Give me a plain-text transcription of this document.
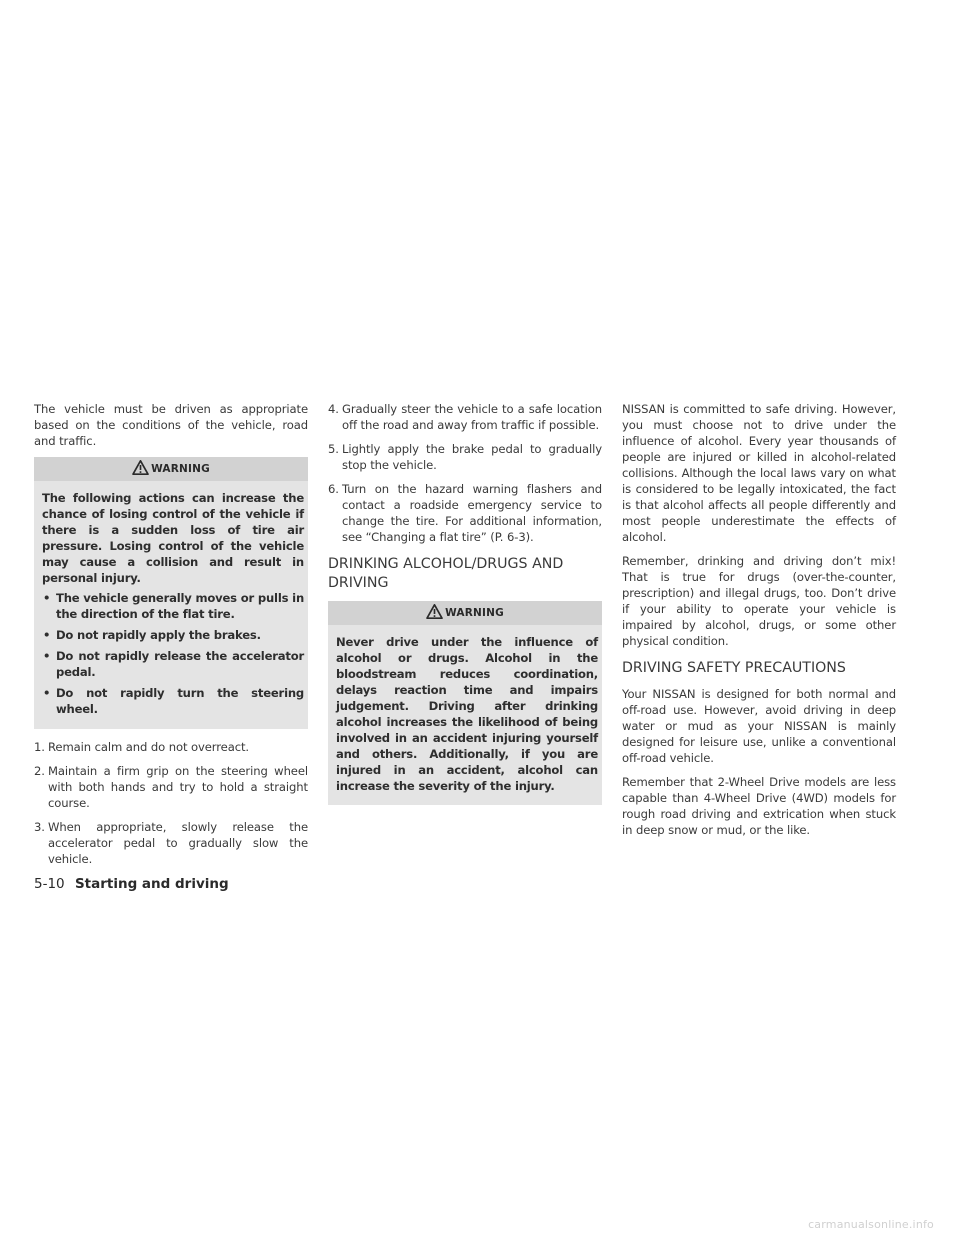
The vehicle must be driven as appropriate based on the conditions of the vehicle, road and traffic.

WARNING

The following actions can increase the chance of losing control of the vehicle if there is a sudden loss of tire air pressure. Losing control of the vehicle may cause a collision and result in personal injury.

• The vehicle generally moves or pulls in the direction of the flat tire.
• Do not rapidly apply the brakes.
• Do not rapidly release the accelerator pedal.
• Do not rapidly turn the steering wheel.
1. Remain calm and do not overreact.
2. Maintain a firm grip on the steering wheel with both hands and try to hold a straight course.
3. When appropriate, slowly release the accelerator pedal to gradually slow the vehicle.
4. Gradually steer the vehicle to a safe location off the road and away from traffic if possible.
5. Lightly apply the brake pedal to gradually stop the vehicle.
6. Turn on the hazard warning flashers and contact a roadside emergency service to change the tire. For additional information, see “Changing a flat tire” (P. 6-3).
DRINKING ALCOHOL/DRUGS AND DRIVING
WARNING

Never drive under the influence of alcohol or drugs. Alcohol in the bloodstream reduces coordination, delays reaction time and impairs judgement. Driving after drinking alcohol increases the likelihood of being involved in an accident injuring yourself and others. Additionally, if you are injured in an accident, alcohol can increase the severity of the injury.

NISSAN is committed to safe driving. However, you must choose not to drive under the influence of alcohol. Every year thousands of people are injured or killed in alcohol-related collisions. Although the local laws vary on what is considered to be legally intoxicated, the fact is that alcohol affects all people differently and most people underestimate the effects of alcohol.

Remember, drinking and driving don’t mix! That is true for drugs (over-the-counter, prescription) and illegal drugs, too. Don’t drive if your ability to operate your vehicle is impaired by alcohol, drugs, or some other physical condition.

DRIVING SAFETY PRECAUTIONS

Your NISSAN is designed for both normal and off-road use. However, avoid driving in deep water or mud as your NISSAN is mainly designed for leisure use, unlike a conventional off-road vehicle.

Remember that 2-Wheel Drive models are less capable than 4-Wheel Drive (4WD) models for rough road driving and extrication when stuck in deep snow or mud, or the like.

5-10 Starting and driving
carmanualsonline.info
